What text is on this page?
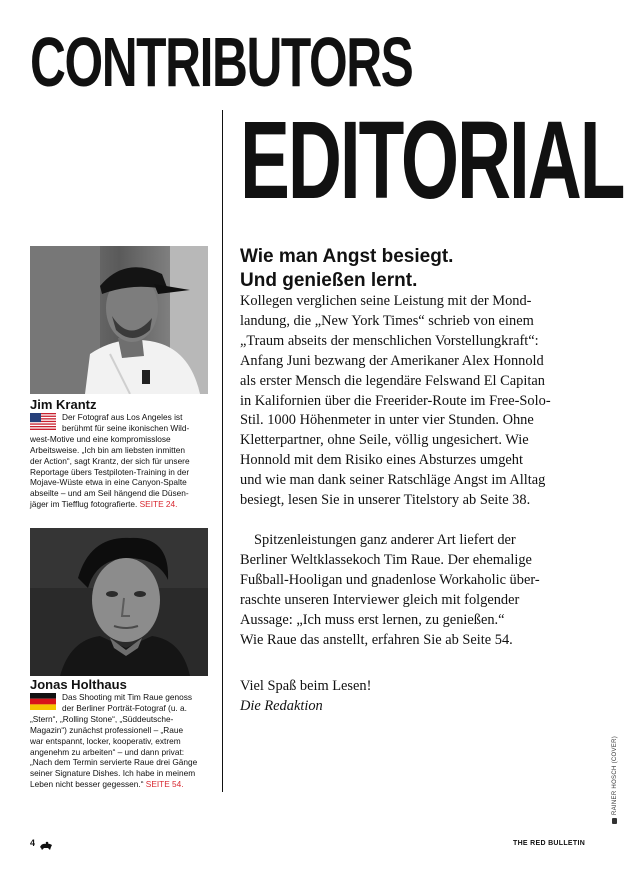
CONTRIBUTORS
EDITORIAL
Jim Krantz
Der Fotograf aus Los Angeles ist
berühmt für seine ikonischen Wild-
west-Motive und eine kompromisslose
Arbeitsweise. „Ich bin am liebsten inmitten
der Action“, sagt Krantz, der sich für unsere
Reportage übers Testpiloten-Training in der
Mojave-Wüste etwa in eine Canyon-Spalte
abseilte – und am Seil hängend die Düsen-
jäger im Tiefflug fotografierte. SEITE 24.
Jonas Holthaus
Das Shooting mit Tim Raue genoss
der Berliner Porträt-Fotograf (u. a.
„Stern“, „Rolling Stone“, „Süddeutsche-
Magazin“) zunächst professionell – „Raue
war entspannt, locker, kooperativ, extrem
angenehm zu arbeiten“ – und dann privat:
„Nach dem Termin servierte Raue drei Gänge
seiner Signature Dishes. Ich habe in meinem
Leben nicht besser gegessen.“ SEITE 54.
Wie man Angst besiegt.
Und genießen lernt.
Kollegen verglichen seine Leistung mit der Mond-
landung, die „New York Times“ schrieb von einem
„Traum abseits der menschlichen Vorstellungkraft“:
Anfang Juni bezwang der Amerikaner Alex Honnold
als erster Mensch die legendäre Felswand El Capitan
in Kalifornien über die Freerider-Route im Free-Solo-
Stil. 1000 Höhenmeter in unter vier Stunden. Ohne
Kletterpartner, ohne Seile, völlig ungesichert. Wie
Honnold mit dem Risiko eines Absturzes umgeht
und wie man dank seiner Ratschläge Angst im Alltag
besiegt, lesen Sie in unserer Titelstory ab Seite 38.
Spitzenleistungen ganz anderer Art liefert der
Berliner Weltklassekoch Tim Raue. Der ehemalige
Fußball-Hooligan und gnadenlose Workaholic über-
raschte unseren Interviewer gleich mit folgender
Aussage: „Ich muss erst lernen, zu genießen.“
Wie Raue das anstellt, erfahren Sie ab Seite 54.
Viel Spaß beim Lesen!
Die Redaktion
RAINER HOSCH (COVER)
4	THE RED BULLETIN
